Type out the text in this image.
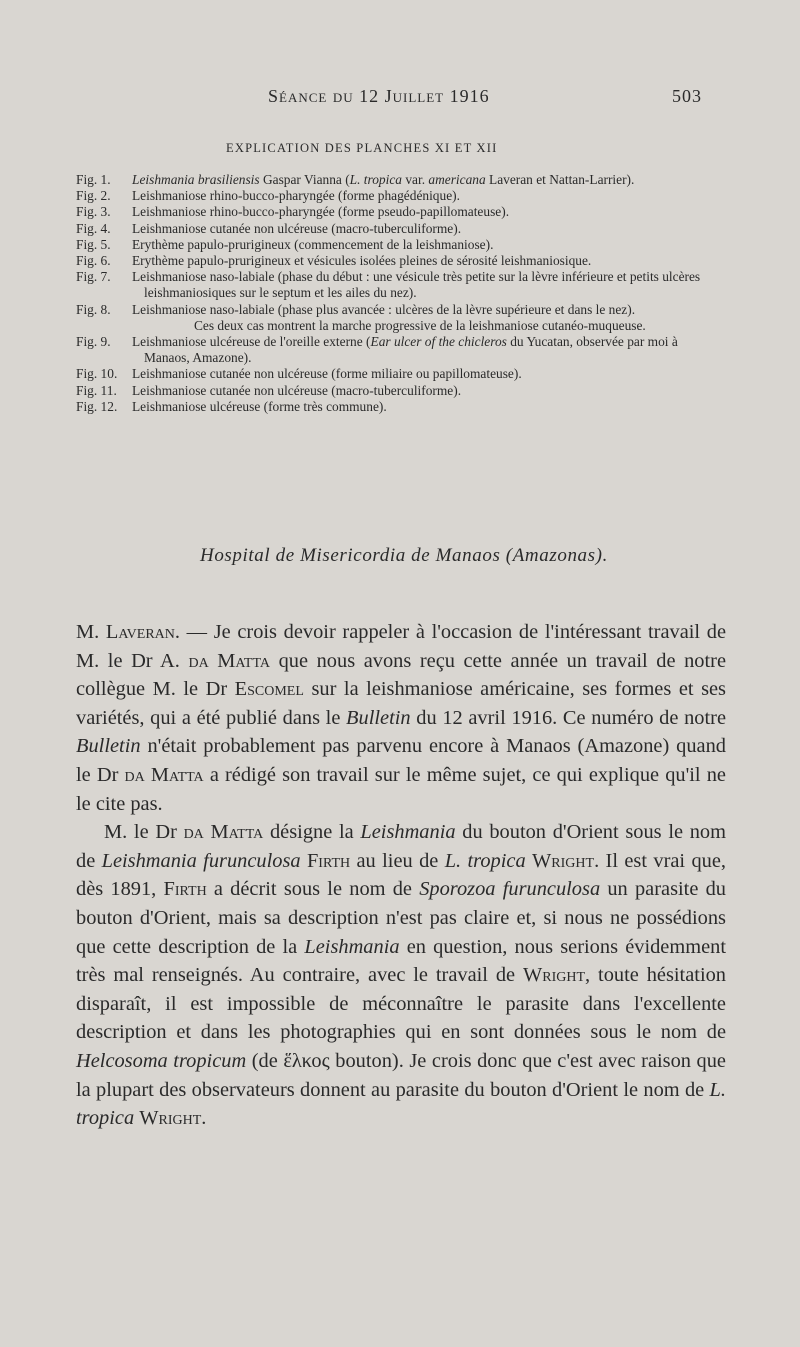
Séance du 12 Juillet 1916	503
EXPLICATION DES PLANCHES XI ET XII
Fig. 1.	Leishmania brasiliensis Gaspar Vianna (L. tropica var. americana Laveran et Nattan-Larrier).
Fig. 2.	Leishmaniose rhino-bucco-pharyngée (forme phagédénique).
Fig. 3.	Leishmaniose rhino-bucco-pharyngée (forme pseudo-papillomateuse).
Fig. 4.	Leishmaniose cutanée non ulcéreuse (macro-tuberculiforme).
Fig. 5.	Erythème papulo-prurigineux (commencement de la leishmaniose).
Fig. 6.	Erythème papulo-prurigineux et vésicules isolées pleines de sérosité leishmaniosique.
Fig. 7.	Leishmaniose naso-labiale (phase du début : une vésicule très petite sur la lèvre inférieure et petits ulcères leishmaniosiques sur le septum et les ailes du nez).
Fig. 8.	Leishmaniose naso-labiale (phase plus avancée : ulcères de la lèvre supérieure et dans le nez).
Ces deux cas montrent la marche progressive de la leishmaniose cutanéo-muqueuse.
Fig. 9.	Leishmaniose ulcéreuse de l'oreille externe (Ear ulcer of the chicleros du Yucatan, observée par moi à Manaos, Amazone).
Fig. 10.	Leishmaniose cutanée non ulcéreuse (forme miliaire ou papillomateuse).
Fig. 11.	Leishmaniose cutanée non ulcéreuse (macro-tuberculiforme).
Fig. 12.	Leishmaniose ulcéreuse (forme très commune).
Hospital de Misericordia de Manaos (Amazonas).

M. Laveran. — Je crois devoir rappeler à l'occasion de l'intéressant travail de M. le Dr A. da Matta que nous avons reçu cette année un travail de notre collègue M. le Dr Escomel sur la leishmaniose américaine, ses formes et ses variétés, qui a été publié dans le Bulletin du 12 avril 1916. Ce numéro de notre Bulletin n'était probablement pas parvenu encore à Manaos (Amazone) quand le Dr da Matta a rédigé son travail sur le même sujet, ce qui explique qu'il ne le cite pas.

M. le Dr da Matta désigne la Leishmania du bouton d'Orient sous le nom de Leishmania furunculosa Firth au lieu de L. tropica Wright. Il est vrai que, dès 1891, Firth a décrit sous le nom de Sporozoa furunculosa un parasite du bouton d'Orient, mais sa description n'est pas claire et, si nous ne possédions que cette description de la Leishmania en question, nous serions évidemment très mal renseignés. Au contraire, avec le travail de Wright, toute hésitation disparaît, il est impossible de méconnaître le parasite dans l'excellente description et dans les photographies qui en sont données sous le nom de Helcosoma tropicum (de ἕλκος bouton). Je crois donc que c'est avec raison que la plupart des observateurs donnent au parasite du bouton d'Orient le nom de L. tropica Wright.
